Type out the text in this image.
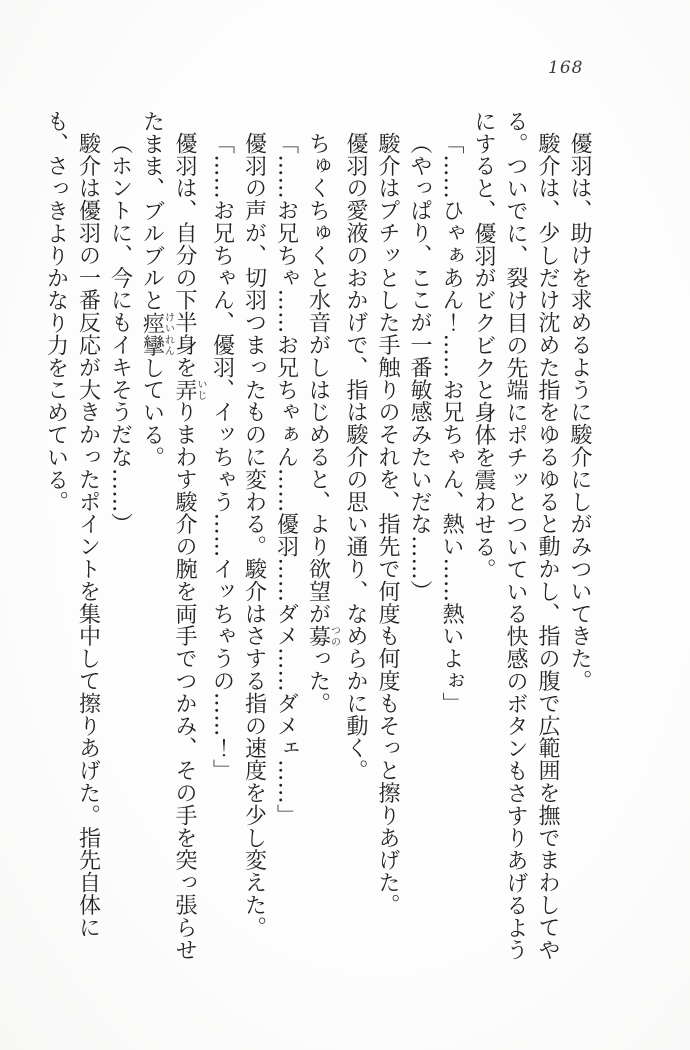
168

優羽は、助けを求めるように駿介にしがみついてきた。

駿介は、少しだけ沈めた指をゆるゆると動かし、指の腹で広範囲を撫でまわしてやる。ついでに、裂け目の先端にポチッとついている快感のボタンもさすりあげるようにすると、優羽がビクビクと身体を震わせる。

「……ひゃぁあん！……お兄ちゃん、熱い……熱いよぉ」

（やっぱり、ここが一番敏感みたいだな……）

駿介はプチッとした手触りのそれを、指先で何度も何度もそっと擦りあげた。

優羽の愛液のおかげで、指は駿介の思い通り、なめらかに動く。

ちゅくちゅくと水音がしはじめると、より欲望が募つのった。

「……お兄ちゃ……お兄ちゃぁん……優羽……ダメ……ダメェ……」

優羽の声が、切羽つまったものに変わる。駿介はさする指の速度を少し変えた。

「……お兄ちゃん、優羽、イッちゃう……イッちゃうの……！」

優羽は、自分の下半身を弄いじりまわす駿介の腕を両手でつかみ、その手を突っ張らせたまま、ブルブルと痙攣けいれんしている。

（ホントに、今にもイキそうだな……）

駿介は優羽の一番反応が大きかったポイントを集中して擦りあげた。指先自体にも、さっきよりかなり力をこめている。
